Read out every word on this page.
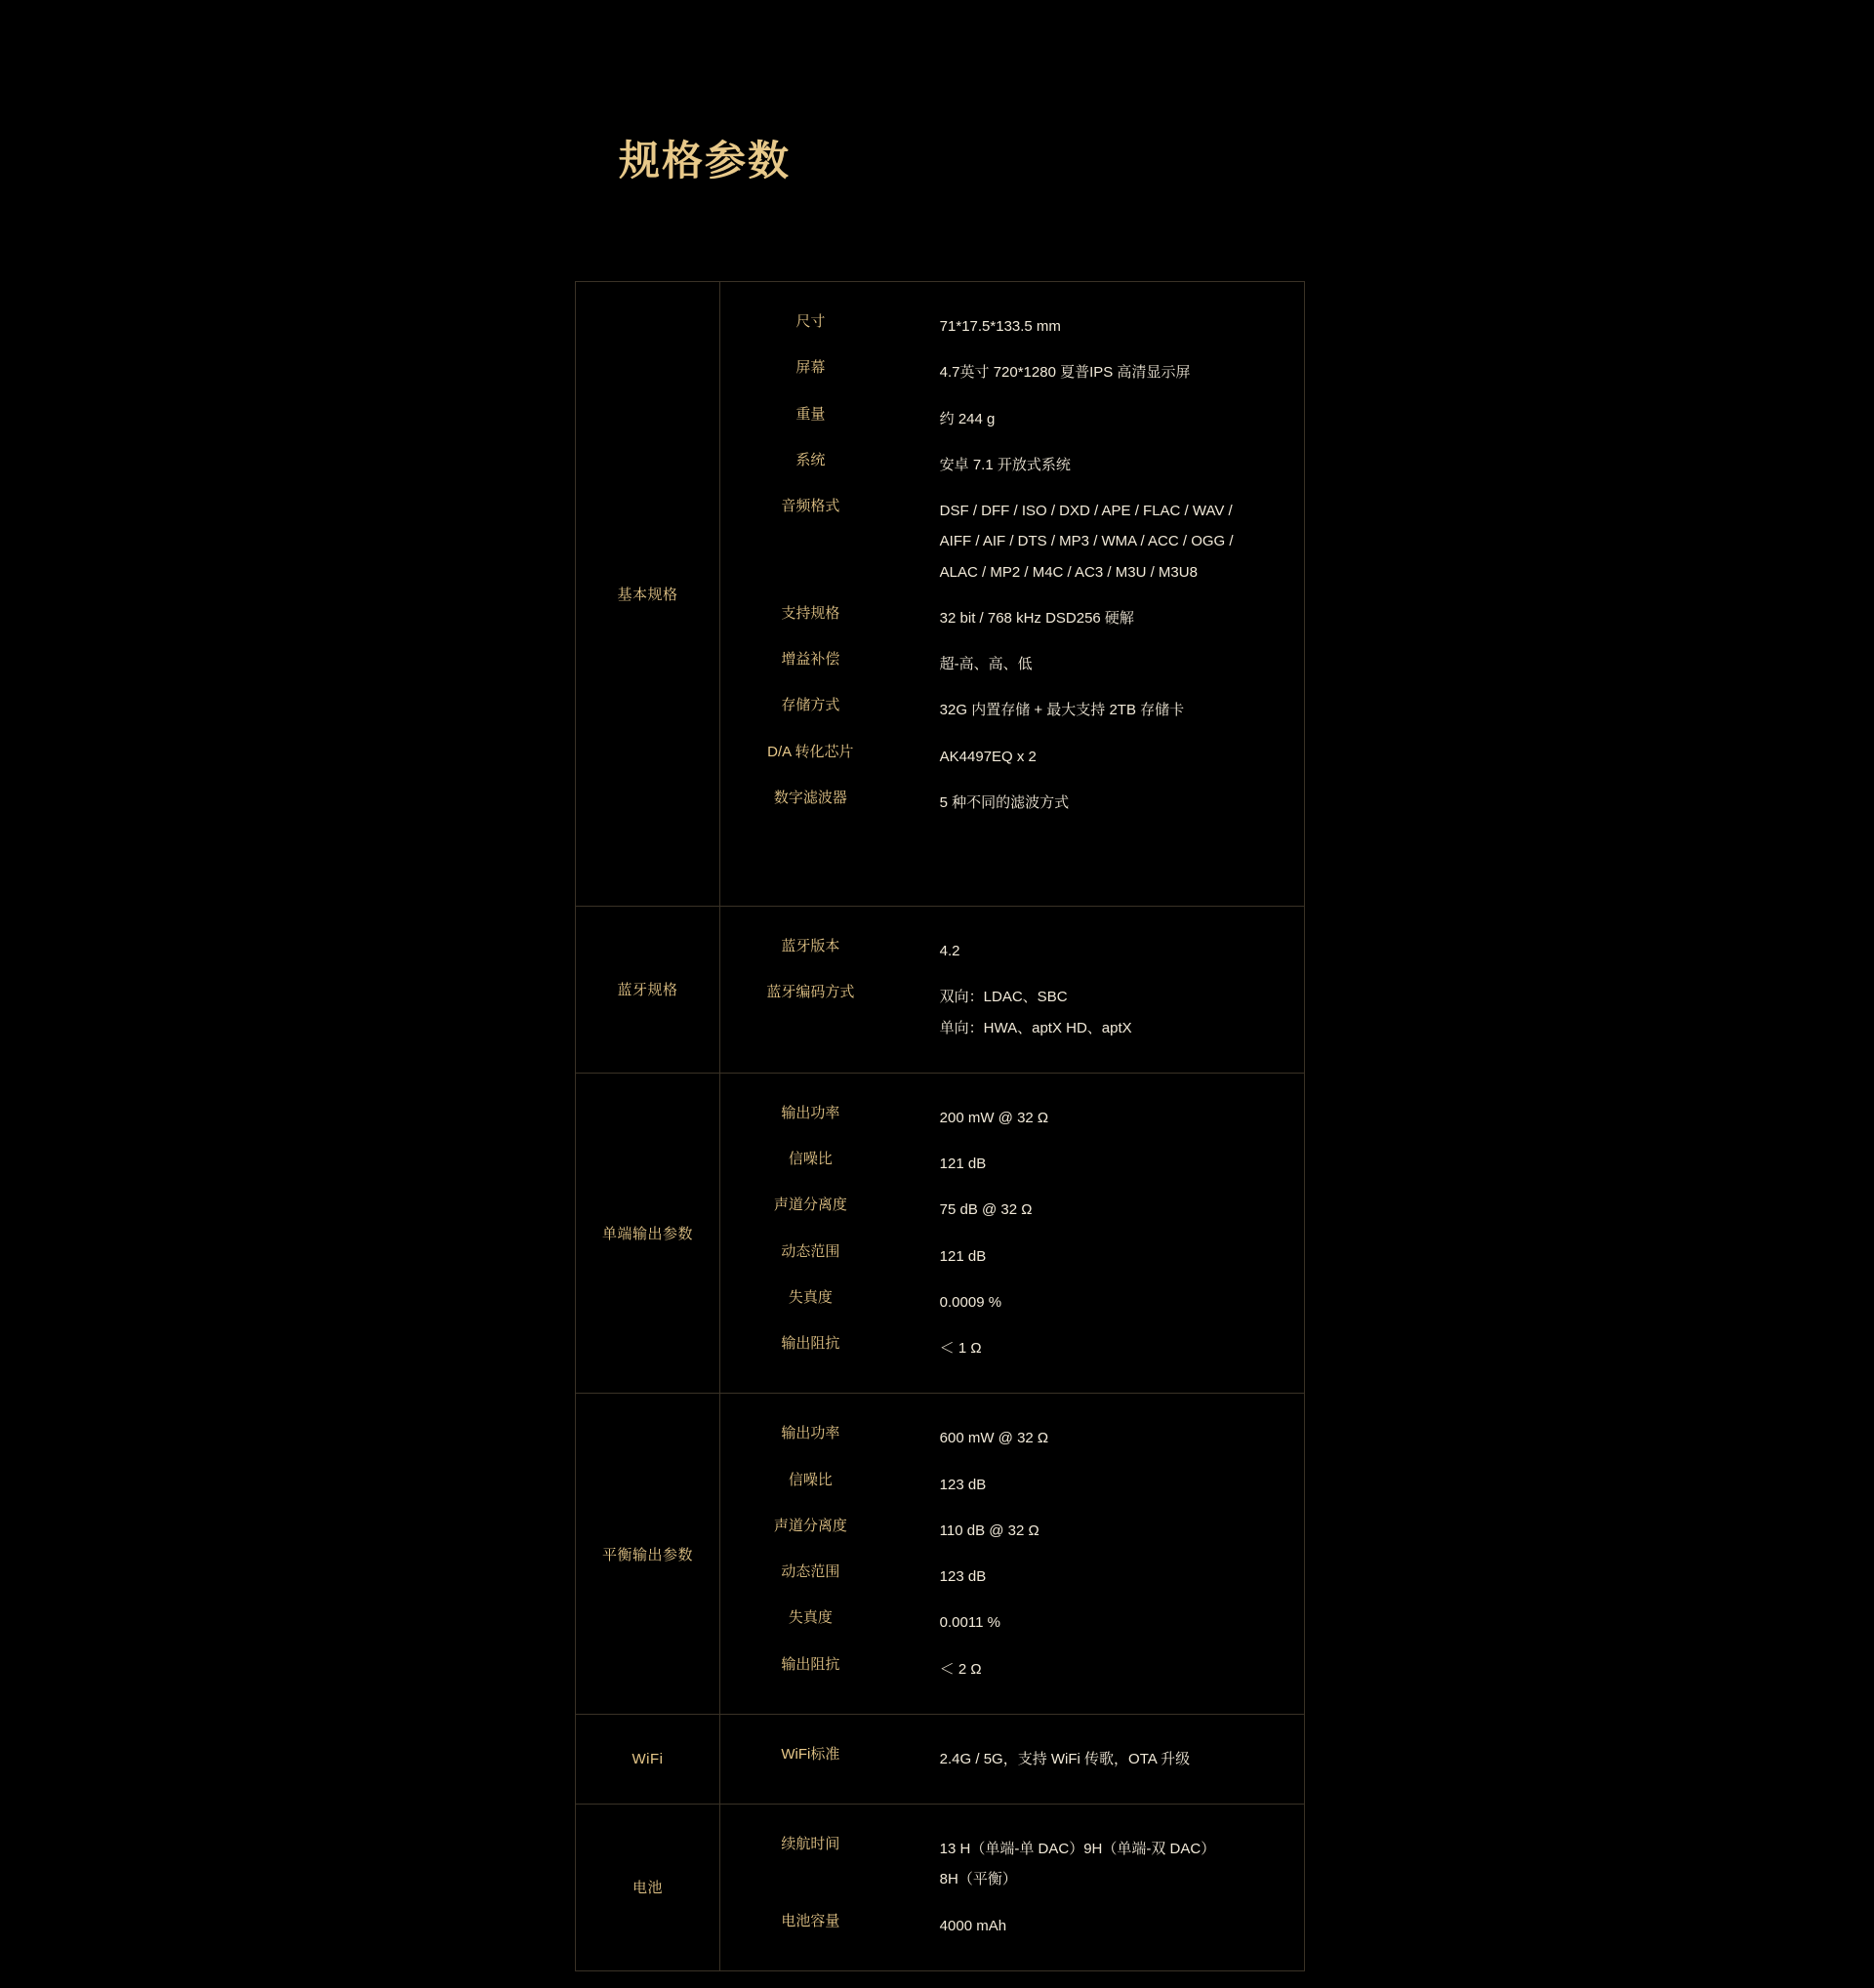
规格参数
基本规格	
尺寸	71*17.5*133.5 mm
屏幕	4.7英寸 720*1280 夏普IPS 高清显示屏
重量	约 244 g
系统	安卓 7.1 开放式系统
音频格式	DSF / DFF / ISO / DXD / APE / FLAC / WAV /
AIFF / AIF / DTS / MP3 / WMA / ACC / OGG /
ALAC / MP2 / M4C / AC3 / M3U / M3U8
支持规格	32 bit / 768 kHz DSD256 硬解
增益补偿	超-高、高、低
存储方式	32G 内置存储 + 最大支持 2TB 存储卡
D/A 转化芯片	AK4497EQ x 2
数字滤波器	5 种不同的滤波方式

蓝牙规格	蓝牙版本 4.2
蓝牙编码方式 双向：LDAC、SBC
单向：HWA、aptX HD、aptX

单端输出参数	
输出功率	200 mW @ 32 Ω
信噪比	121 dB
声道分离度	75 dB @ 32 Ω
动态范围	121 dB
失真度	0.0009 %
输出阻抗	＜ 1 Ω

平衡输出参数	
输出功率	600 mW @ 32 Ω
信噪比	123 dB
声道分离度	110 dB @ 32 Ω
动态范围	123 dB
失真度	0.0011 %
输出阻抗	＜ 2 Ω

WiFi	WiFi标准 2.4G / 5G，支持 WiFi 传歌，OTA 升级

电池	续航时间 13 H（单端-单 DAC）9H（单端-双 DAC）
8H（平衡）
电池容量 4000 mAh
